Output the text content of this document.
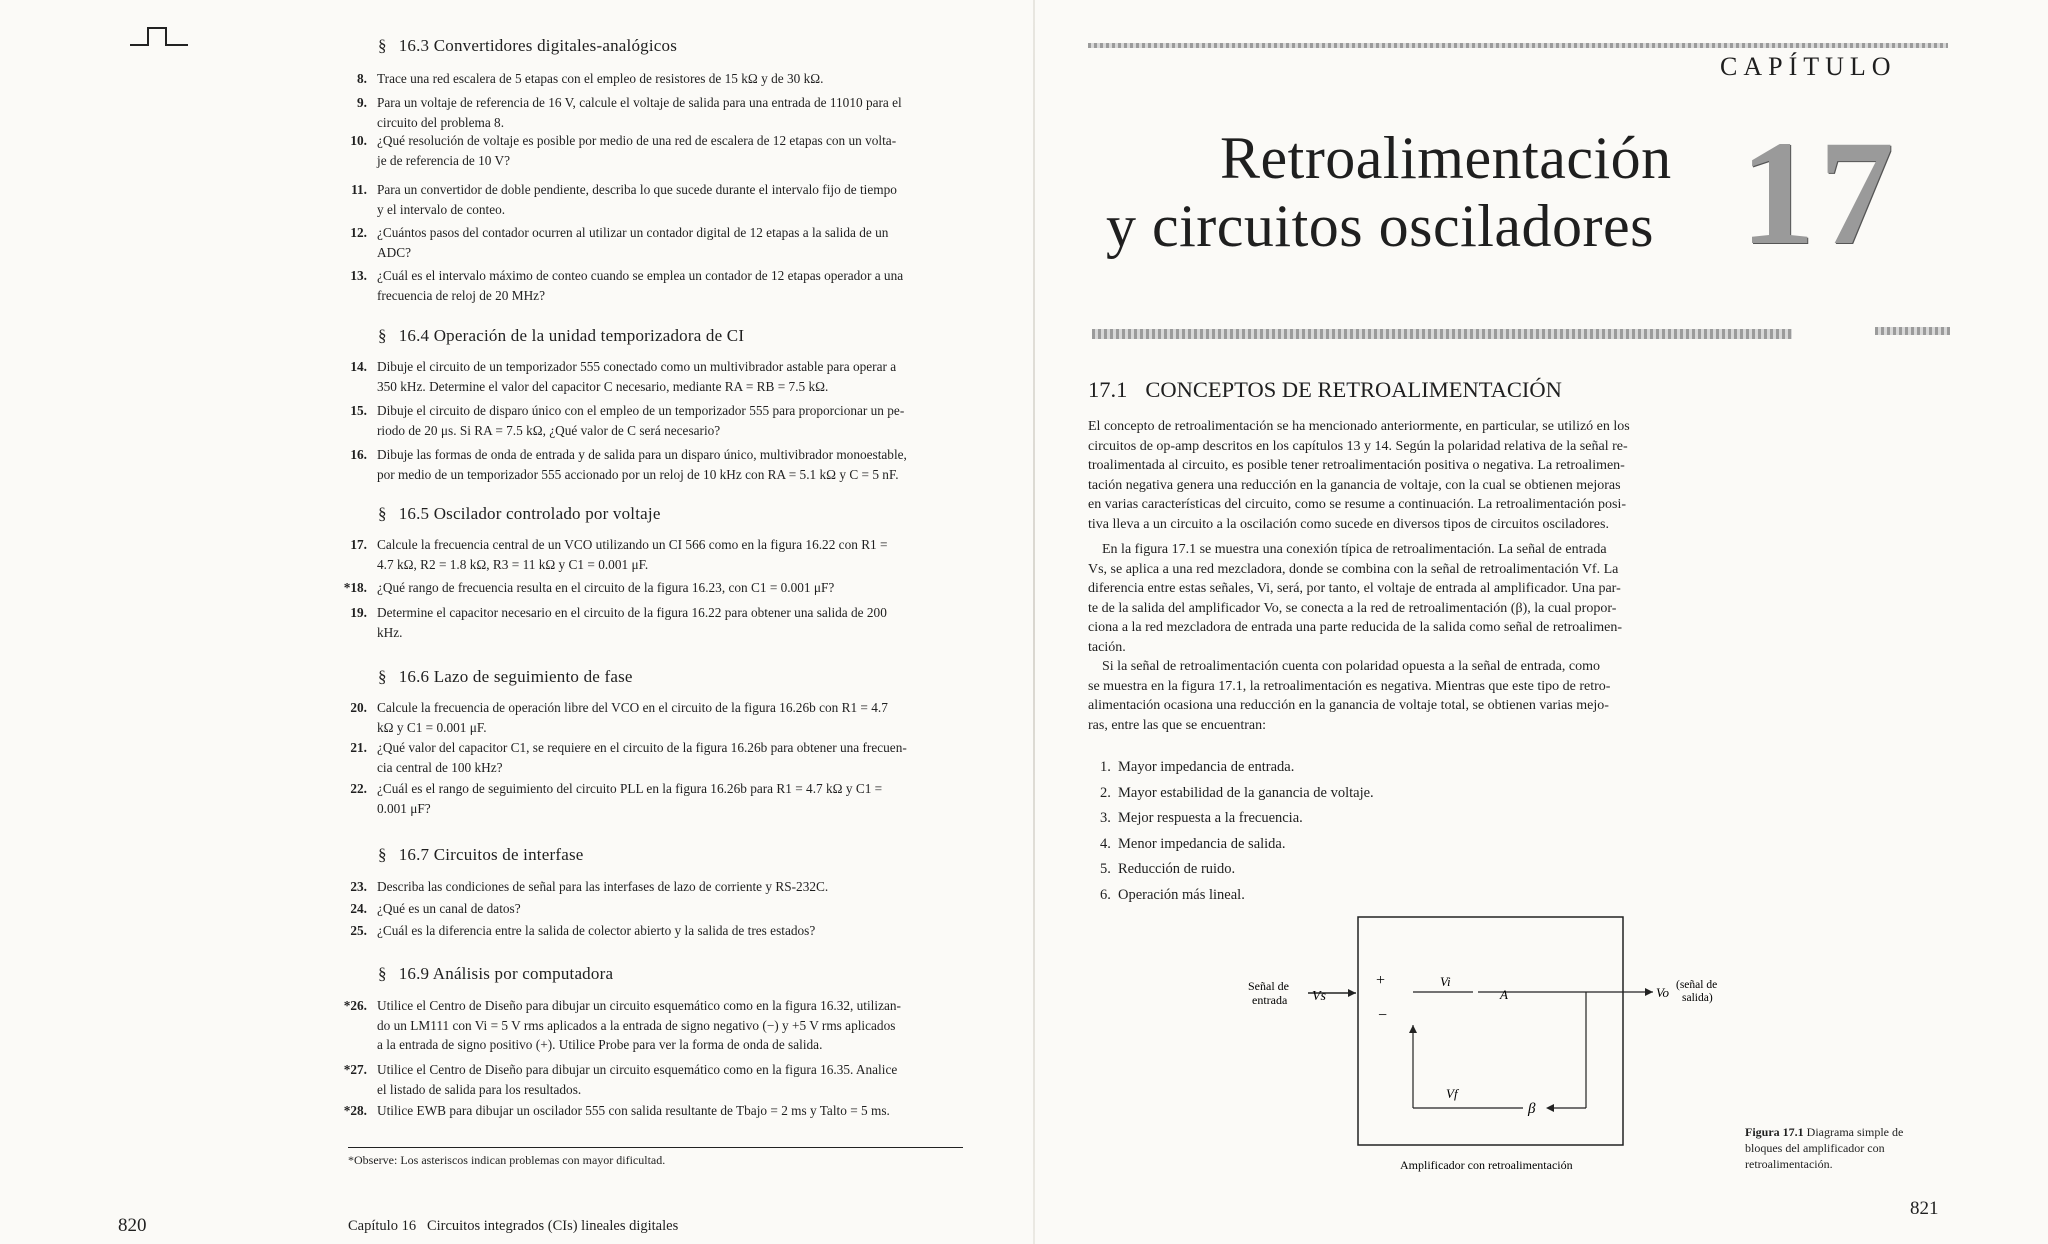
§ 16.3 Convertidores digitales-analógicos
§ 16.4 Operación de la unidad temporizadora de CI
§ 16.5 Oscilador controlado por voltaje
§ 16.6 Lazo de seguimiento de fase
§ 16.7 Circuitos de interfase
§ 16.9 Análisis por computadora
8. Trace una red escalera de 5 etapas con el empleo de resistores de 15 kΩ y de 30 kΩ.
9. Para un voltaje de referencia de 16 V, calcule el voltaje de salida para una entrada de 11010 para el
circuito del problema 8.
10. ¿Qué resolución de voltaje es posible por medio de una red de escalera de 12 etapas con un volta-
je de referencia de 10 V?
11. Para un convertidor de doble pendiente, describa lo que sucede durante el intervalo fijo de tiempo
y el intervalo de conteo.
12. ¿Cuántos pasos del contador ocurren al utilizar un contador digital de 12 etapas a la salida de un
ADC?
13. ¿Cuál es el intervalo máximo de conteo cuando se emplea un contador de 12 etapas operador a una
frecuencia de reloj de 20 MHz?
14. Dibuje el circuito de un temporizador 555 conectado como un multivibrador astable para operar a
350 kHz. Determine el valor del capacitor C necesario, mediante RA = RB = 7.5 kΩ.
15. Dibuje el circuito de disparo único con el empleo de un temporizador 555 para proporcionar un pe-
riodo de 20 μs. Si RA = 7.5 kΩ, ¿Qué valor de C será necesario?
16. Dibuje las formas de onda de entrada y de salida para un disparo único, multivibrador monoestable,
por medio de un temporizador 555 accionado por un reloj de 10 kHz con RA = 5.1 kΩ y C = 5 nF.
17. Calcule la frecuencia central de un VCO utilizando un CI 566 como en la figura 16.22 con R1 =
4.7 kΩ, R2 = 1.8 kΩ, R3 = 11 kΩ y C1 = 0.001 μF.
*18. ¿Qué rango de frecuencia resulta en el circuito de la figura 16.23, con C1 = 0.001 μF?
19. Determine el capacitor necesario en el circuito de la figura 16.22 para obtener una salida de 200
kHz.
20. Calcule la frecuencia de operación libre del VCO en el circuito de la figura 16.26b con R1 = 4.7
kΩ y C1 = 0.001 μF.
21. ¿Qué valor del capacitor C1, se requiere en el circuito de la figura 16.26b para obtener una frecuen-
cia central de 100 kHz?
22. ¿Cuál es el rango de seguimiento del circuito PLL en la figura 16.26b para R1 = 4.7 kΩ y C1 =
0.001 μF?
23. Describa las condiciones de señal para las interfases de lazo de corriente y RS-232C.
24. ¿Qué es un canal de datos?
25. ¿Cuál es la diferencia entre la salida de colector abierto y la salida de tres estados?
*26. Utilice el Centro de Diseño para dibujar un circuito esquemático como en la figura 16.32, utilizan-
do un LM111 con Vi = 5 V rms aplicados a la entrada de signo negativo (−) y +5 V rms aplicados
a la entrada de signo positivo (+). Utilice Probe para ver la forma de onda de salida.
*27. Utilice el Centro de Diseño para dibujar un circuito esquemático como en la figura 16.35. Analice
el listado de salida para los resultados.
*28. Utilice EWB para dibujar un oscilador 555 con salida resultante de Tbajo = 2 ms y Talto = 5 ms.
*Observe: Los asteriscos indican problemas con mayor dificultad.
820	Capítulo 16   Circuitos integrados (CIs) lineales digitales
CAPÍTULO
Retroalimentación
y circuitos osciladores 17
17.1 CONCEPTOS DE RETROALIMENTACIÓN
El concepto de retroalimentación se ha mencionado anteriormente, en particular, se utilizó en los
circuitos de op-amp descritos en los capítulos 13 y 14. Según la polaridad relativa de la señal re-
troalimentada al circuito, es posible tener retroalimentación positiva o negativa. La retroalimen-
tación negativa genera una reducción en la ganancia de voltaje, con la cual se obtienen mejoras
en varias características del circuito, como se resume a continuación. La retroalimentación posi-
tiva lleva a un circuito a la oscilación como sucede en diversos tipos de circuitos osciladores.
En la figura 17.1 se muestra una conexión típica de retroalimentación. La señal de entrada
Vs, se aplica a una red mezcladora, donde se combina con la señal de retroalimentación Vf. La
diferencia entre estas señales, Vi, será, por tanto, el voltaje de entrada al amplificador. Una par-
te de la salida del amplificador Vo, se conecta a la red de retroalimentación (β), la cual propor-
ciona a la red mezcladora de entrada una parte reducida de la salida como señal de retroalimen-
tación.
Si la señal de retroalimentación cuenta con polaridad opuesta a la señal de entrada, como
se muestra en la figura 17.1, la retroalimentación es negativa. Mientras que este tipo de retro-
alimentación ocasiona una reducción en la ganancia de voltaje total, se obtienen varias mejo-
ras, entre las que se encuentran:
1. Mayor impedancia de entrada.
2. Mayor estabilidad de la ganancia de voltaje.
3. Mejor respuesta a la frecuencia.
4. Menor impedancia de salida.
5. Reducción de ruido.
6. Operación más lineal.
Señal de
entrada Vs
+
−
Vi
A	Vo (señal de
salida)
Vf
β
Amplificador con retroalimentación
Figura 17.1 Diagrama simple de bloques del amplificador con retroalimentación.
821
